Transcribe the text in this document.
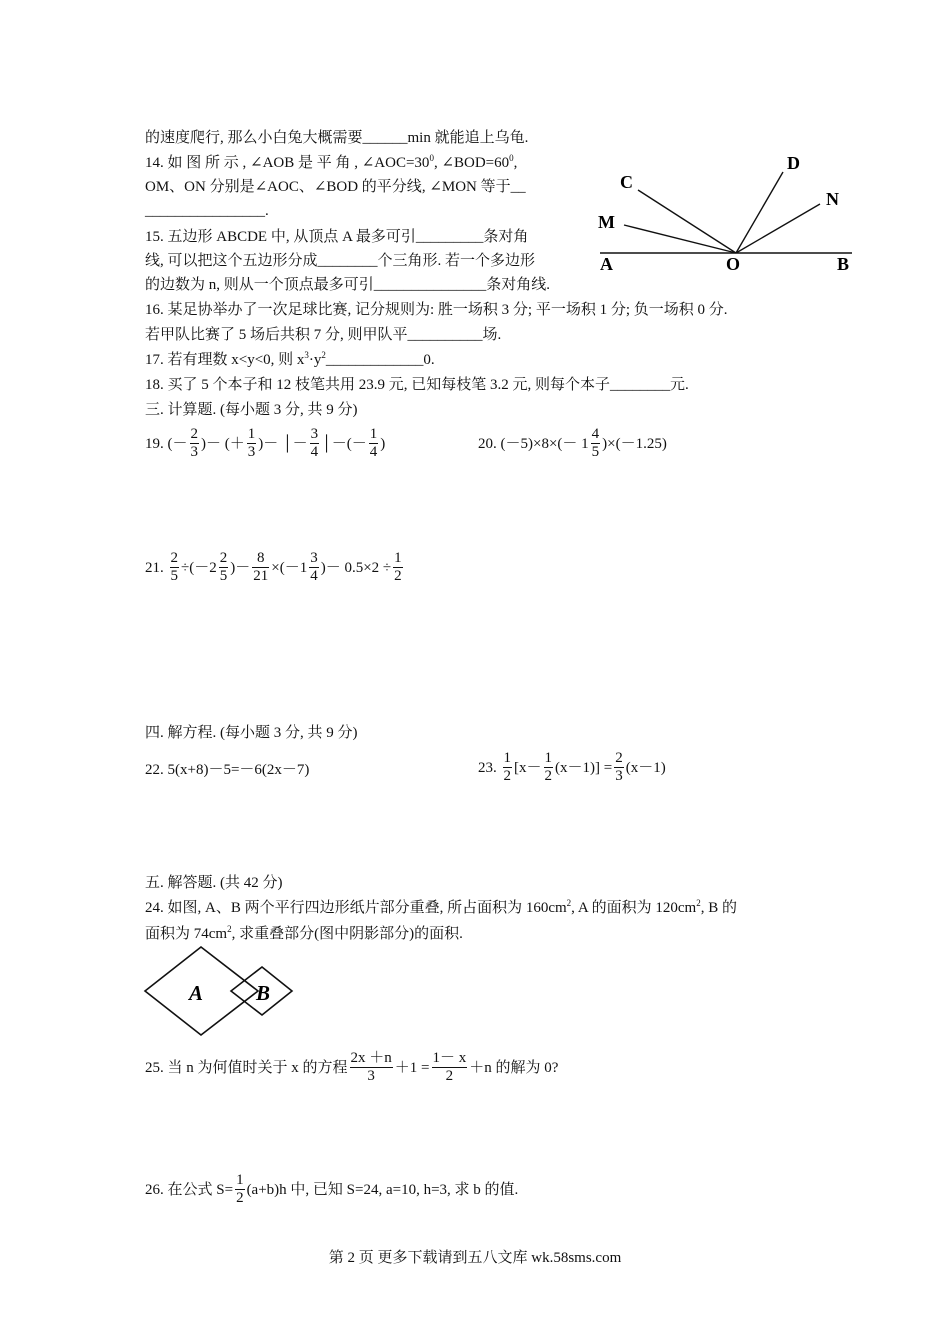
的速度爬行, 那么小白兔大概需要______min 就能追上乌龟.
14. 如 图 所 示 , ∠AOB 是 平 角 , $\angle AOC=30^0$, $\angle BOD=60^0$,
OM、ON 分别是∠AOC、∠BOD 的平分线, ∠MON 等于__
________________.
C
D
N
M
A	O	B
15. 五边形 ABCDE 中, 从顶点 A 最多可引_________条对角
线, 可以把这个五边形分成________个三角形. 若一个多边形
的边数为 n, 则从一个顶点最多可引_______________条对角线.
16. 某足协举办了一次足球比赛, 记分规则为: 胜一场积 3 分; 平一场积 1 分; 负一场积 0 分.
若甲队比赛了 5 场后共积 7 分, 则甲队平__________场.
17. 若有理数 x<y<0, 则 $x^3\cdot y^2\_\_\_\_\_\_\_\_\_\_\_\_\_0$.
18. 买了 5 个本子和 12 枝笔共用 23.9 元, 已知每枝笔 3.2 元, 则每个本子________元.
三. 计算题. (每小题 3 分, 共 9 分)
19. (－ $\frac{2}{3}$ )－ (＋ $\frac{1}{3}$ )－ │－ $\frac{3}{4}$ │－(－ $\frac{1}{4}$ )	20. $(-5)\times 8\times(- 1 \frac{4}{5} )\times(-1.25)$
21. $\frac{2}{5} \div(-2 \frac{2}{5}$ )－ $\frac{8}{21} \times(-1 \frac{3}{4}$ )－ $0.5\times 2 \div \frac{1}{2}$
四. 解方程. (每小题 3 分, 共 9 分)
22. 5(x+8)－5=－6(2x－7)	23. $\frac{1}{2} [x- \frac{1}{2} (x-1)] = \frac{2}{3} (x-1)$
五. 解答题. (共 42 分)
24. 如图, A、B 两个平行四边形纸片部分重叠, 所占面积为 $160cm^2$, A 的面积为 $120cm^2$, B 的
面积为 $74cm^2$, 求重叠部分(图中阴影部分)的面积.
A	B
25. 当 n 为何值时关于 x 的方程 $\frac{2x +n}{3} +1 = \frac{1- x}{2} +n$ 的解为 0?
26. 在公式 $S= \frac{1}{2} (a+b)h$ 中, 已知 S=24, a=10, h=3, 求 b 的值.
第 2 页 更多下载请到五八文库 wk.58sms.com
